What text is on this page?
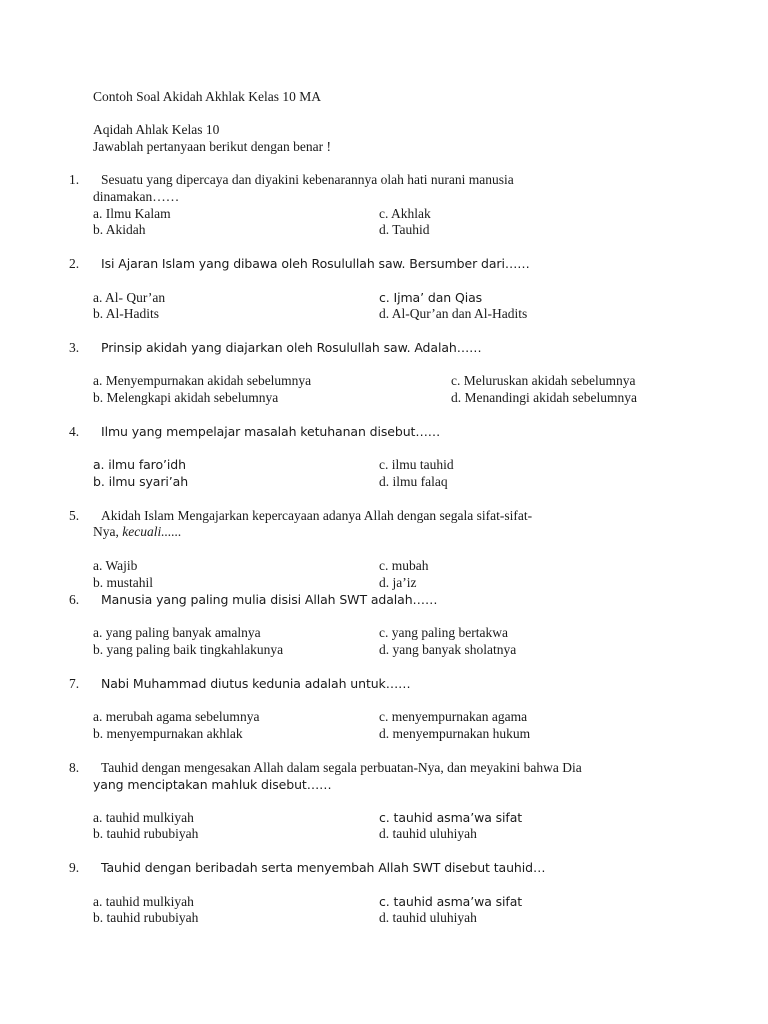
Contoh Soal Akidah Akhlak Kelas 10 MA
Aqidah Ahlak Kelas 10
Jawablah pertanyaan berikut dengan benar !
1. Sesuatu yang dipercaya dan diyakini kebenarannya olah hati nurani manusia
dinamakan……
a. Ilmu Kalam	c. Akhlak
b. Akidah	d. Tauhid
2. Isi Ajaran Islam yang dibawa oleh Rosulullah saw. Bersumber dari……
a. Al- Qur’an	c. Ijma’ dan Qias
b. Al-Hadits	d. Al-Qur’an dan Al-Hadits
3. Prinsip akidah yang diajarkan oleh Rosulullah saw. Adalah……
a. Menyempurnakan akidah sebelumnya	c. Meluruskan akidah sebelumnya
b. Melengkapi akidah sebelumnya	d. Menandingi akidah sebelumnya
4. Ilmu yang mempelajar masalah ketuhanan disebut……
a. ilmu faro’idh	c. ilmu tauhid
b. ilmu syari’ah	d. ilmu falaq
5. Akidah Islam Mengajarkan kepercayaan adanya Allah dengan segala sifat-sifat-
Nya, kecuali......
a. Wajib	c. mubah
b. mustahil	d. ja’iz
6. Manusia yang paling mulia disisi Allah SWT adalah……
a. yang paling banyak amalnya	c. yang paling bertakwa
b. yang paling baik tingkahlakunya	d. yang banyak sholatnya
7. Nabi Muhammad diutus kedunia adalah untuk……
a. merubah agama sebelumnya	c. menyempurnakan agama
b. menyempurnakan akhlak	d. menyempurnakan hukum
8. Tauhid dengan mengesakan Allah dalam segala perbuatan-Nya, dan meyakini bahwa Dia
yang menciptakan mahluk disebut……
a. tauhid mulkiyah	c. tauhid asma’wa sifat
b. tauhid rububiyah	d. tauhid uluhiyah
9. Tauhid dengan beribadah serta menyembah Allah SWT disebut tauhid…
a. tauhid mulkiyah	c. tauhid asma’wa sifat
b. tauhid rububiyah	d. tauhid uluhiyah
